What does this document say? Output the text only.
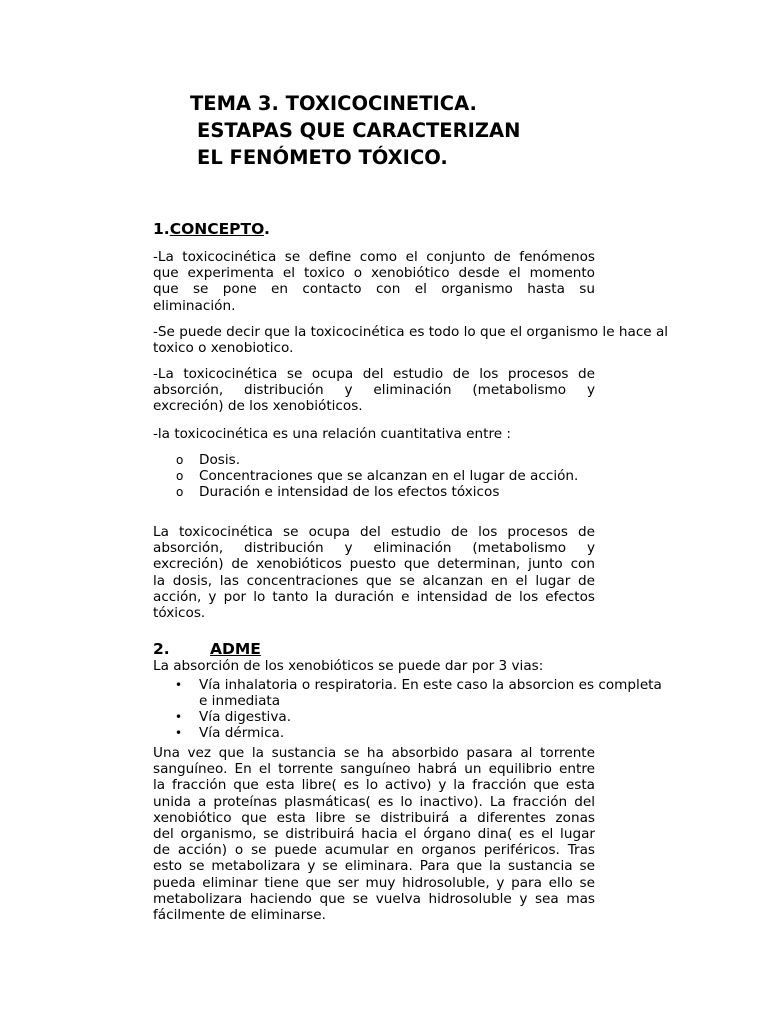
TEMA 3. TOXICOCINETICA.
ESTAPAS QUE CARACTERIZAN
EL FENÓMETO TÓXICO.
1.CONCEPTO.
-La toxicocinética se define como el conjunto de fenómenos
que experimenta el toxico o xenobiótico desde el momento
que se pone en contacto con el organismo hasta su
eliminación.
-Se puede decir que la toxicocinética es todo lo que el organismo le hace al
toxico o xenobiotico.
-La toxicocinética se ocupa del estudio de los procesos de
absorción, distribución y eliminación (metabolismo y
excreción) de los xenobióticos.
-la toxicocinética es una relación cuantitativa entre :
o Dosis.
o Concentraciones que se alcanzan en el lugar de acción.
o Duración e intensidad de los efectos tóxicos
La toxicocinética se ocupa del estudio de los procesos de
absorción, distribución y eliminación (metabolismo y
excreción) de xenobióticos puesto que determinan, junto con
la dosis, las concentraciones que se alcanzan en el lugar de
acción, y por lo tanto la duración e intensidad de los efectos
tóxicos.
2.	ADME
La absorción de los xenobióticos se puede dar por 3 vias:
• Vía inhalatoria o respiratoria. En este caso la absorcion es completa
e inmediata
• Vía digestiva.
• Vía dérmica.
Una vez que la sustancia se ha absorbido pasara al torrente
sanguíneo. En el torrente sanguíneo habrá un equilibrio entre
la fracción que esta libre( es lo activo) y la fracción que esta
unida a proteínas plasmáticas( es lo inactivo). La fracción del
xenobiótico que esta libre se distribuirá a diferentes zonas
del organismo, se distribuirá hacia el órgano dina( es el lugar
de acción) o se puede acumular en organos periféricos. Tras
esto se metabolizara y se eliminara. Para que la sustancia se
pueda eliminar tiene que ser muy hidrosoluble, y para ello se
metabolizara haciendo que se vuelva hidrosoluble y sea mas
fácilmente de eliminarse.
